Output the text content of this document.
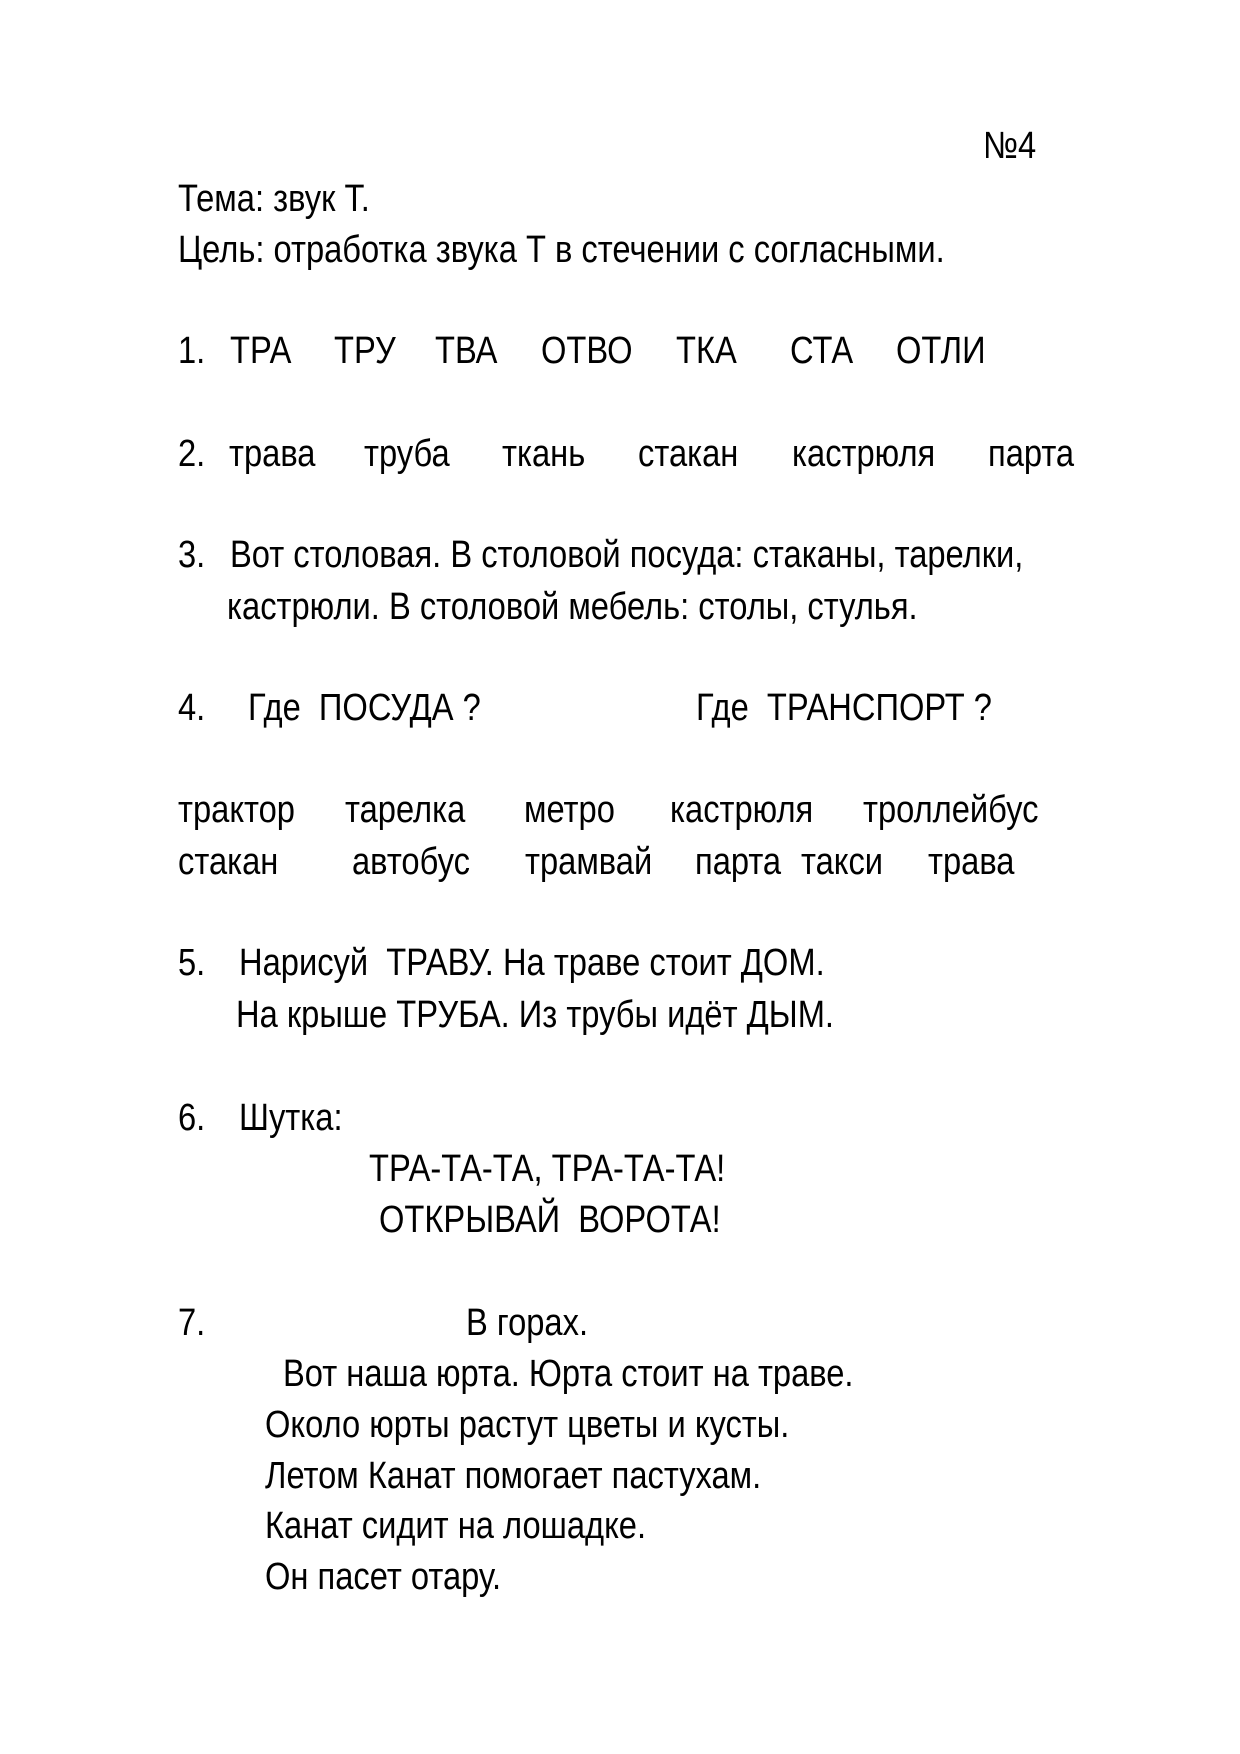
№4
Тема: звук Т.
Цель: отработка звука Т в стечении с согласными.
1. ТРА ТРУ ТВА ОТВО ТКА СТА ОТЛИ
2. трава труба ткань стакан кастрюля парта
3. Вот столовая. В столовой посуда: стаканы, тарелки,
кастрюли. В столовой мебель: столы, стулья.
4. Где  ПОСУДА ?	Где  ТРАНСПОРТ ?
трактор тарелка метро кастрюля троллейбус
стакан автобус трамвай парта такси трава
5. Нарисуй  ТРАВУ. На траве стоит ДОМ.
На крыше ТРУБА. Из трубы идёт ДЫМ.
6. Шутка:
ТРА-ТА-ТА, ТРА-ТА-ТА!
ОТКРЫВАЙ  ВОРОТА!
7.	В горах.
Вот наша юрта. Юрта стоит на траве.
Около юрты растут цветы и кусты.
Летом Канат помогает пастухам.
Канат сидит на лошадке.
Он пасет отару.
